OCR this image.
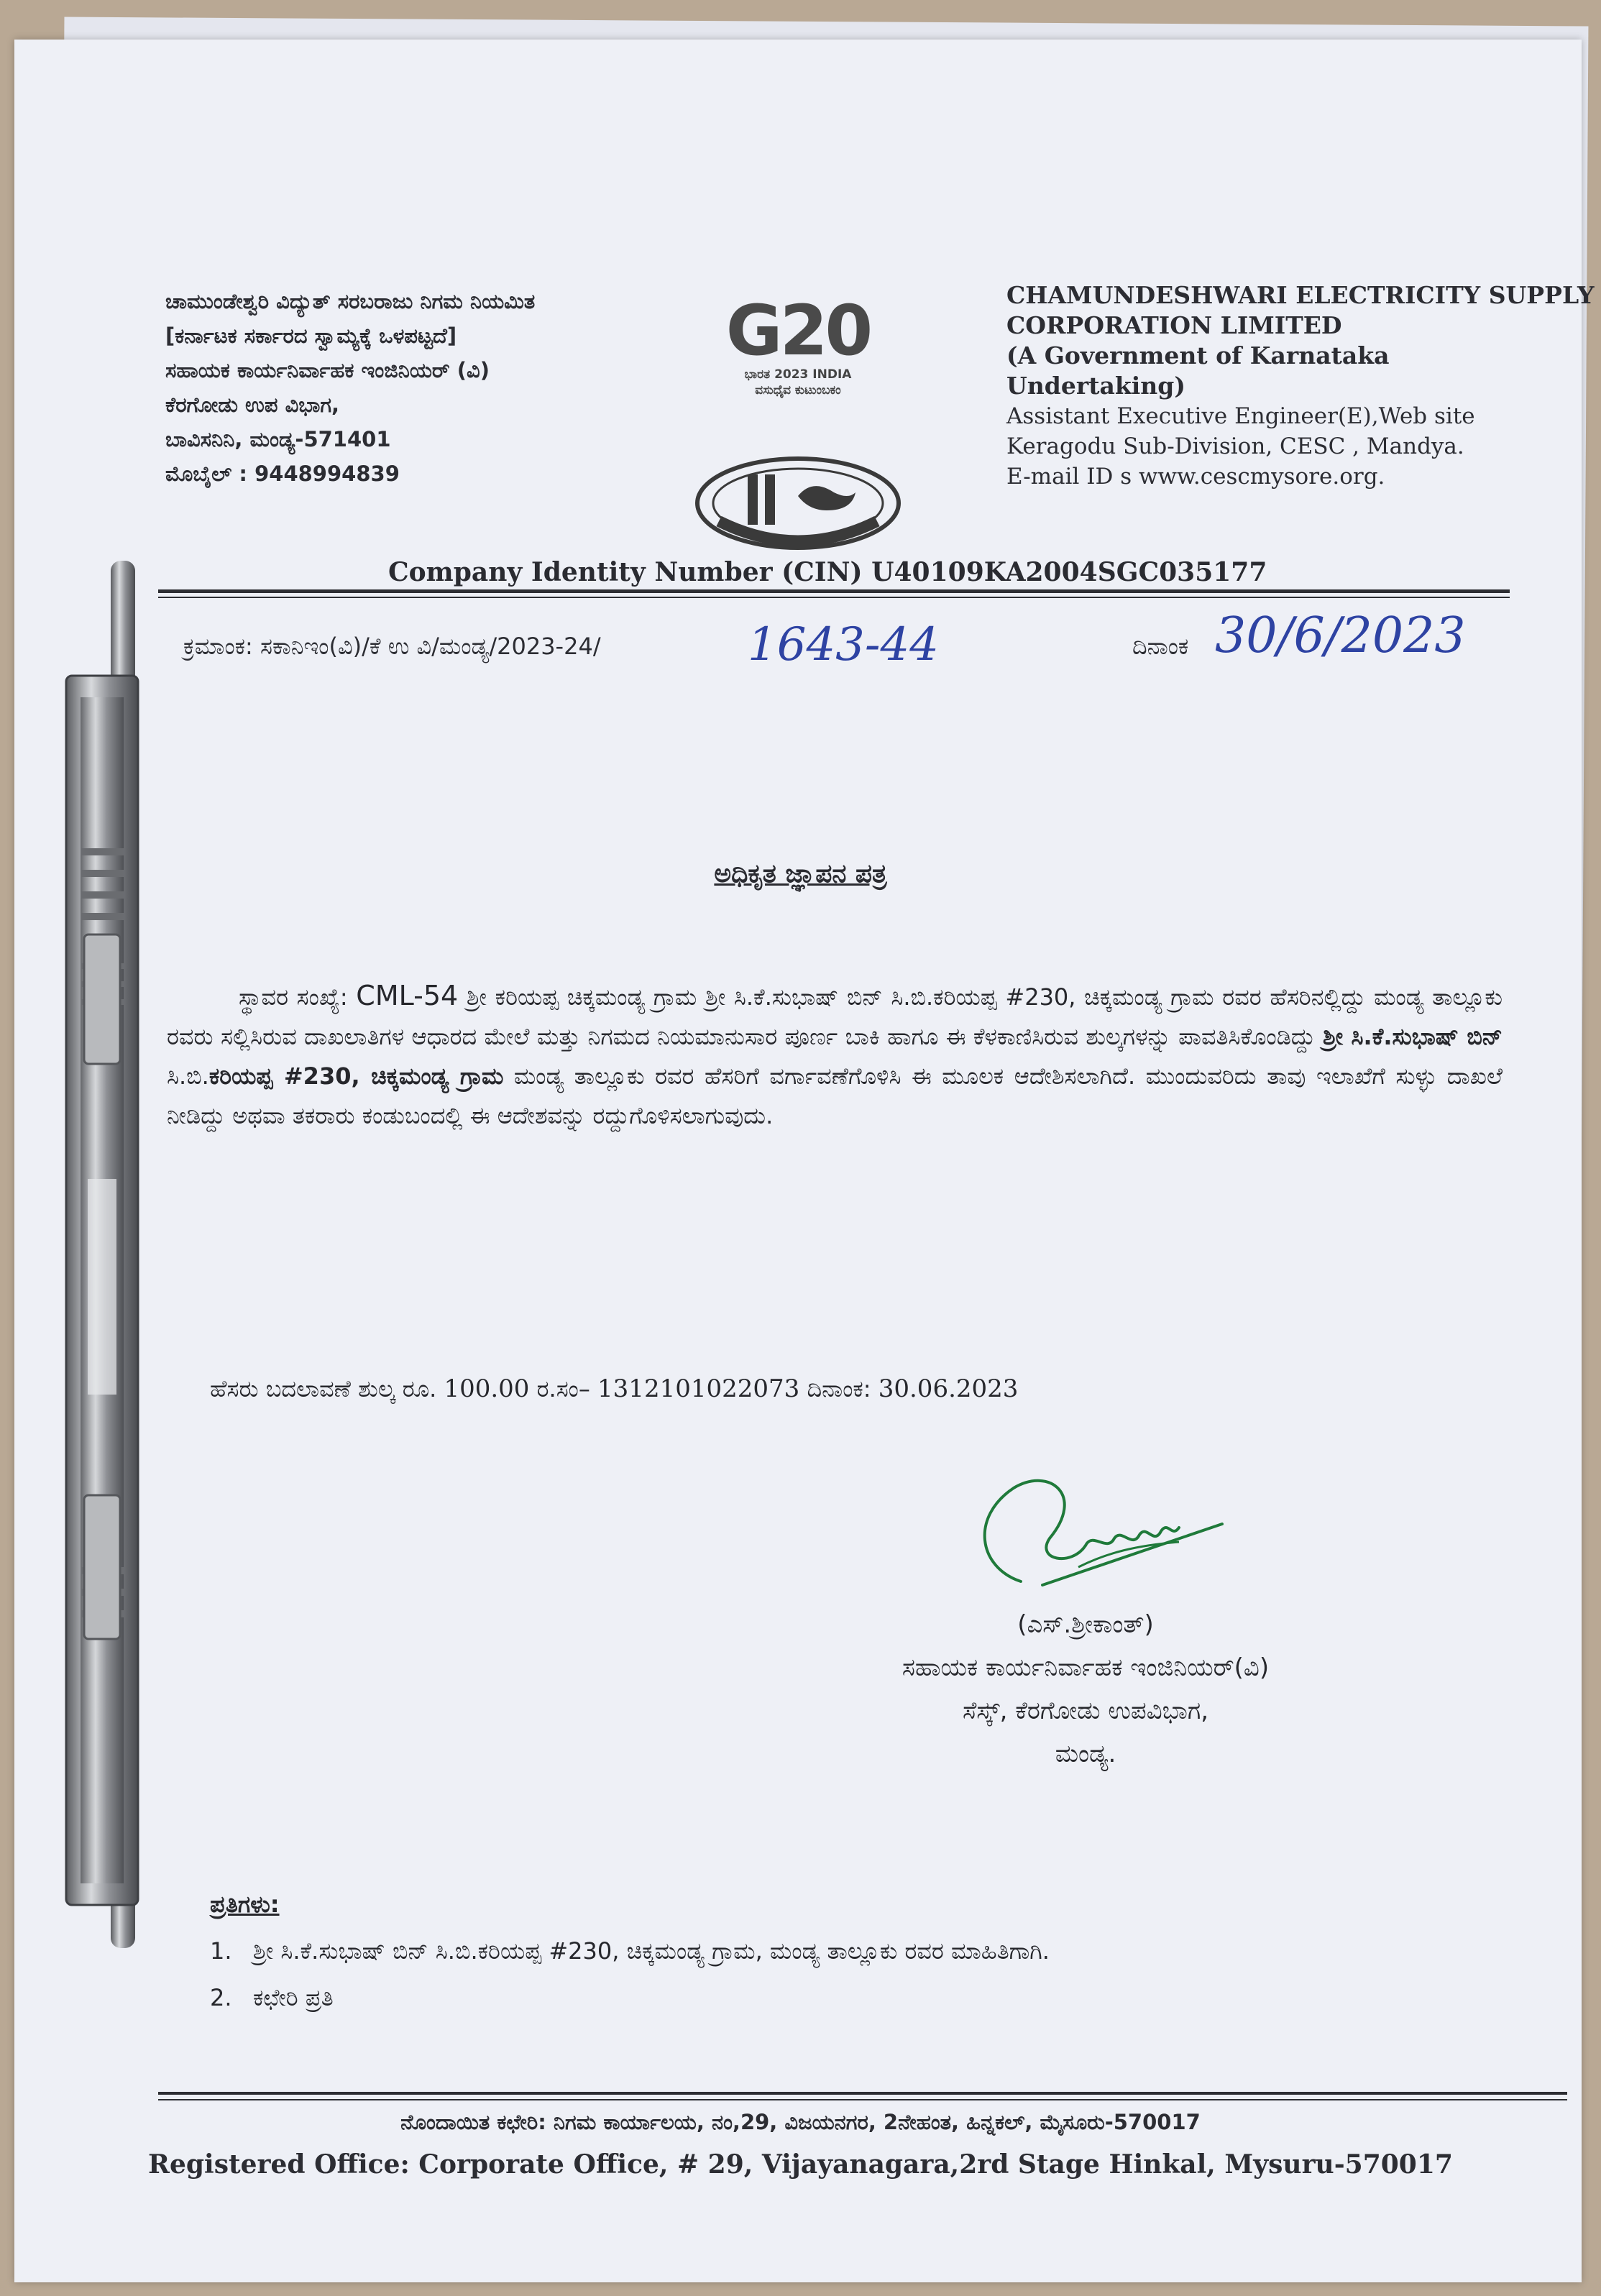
ಚಾಮುಂಡೇಶ್ವರಿ ವಿದ್ಯುತ್ ಸರಬರಾಜು ನಿಗಮ ನಿಯಮಿತ
[ಕರ್ನಾಟಕ ಸರ್ಕಾರದ ಸ್ವಾಮ್ಯಕ್ಕೆ ಒಳಪಟ್ಟದೆ]
ಸಹಾಯಕ ಕಾರ್ಯನಿರ್ವಾಹಕ ಇಂಜಿನಿಯರ್ (ವಿ)
ಕೆರಗೋಡು ಉಪ ವಿಭಾಗ,
ಬಾವಿಸನಿನಿ, ಮಂಡ್ಯ-571401
ಮೊಬೈಲ್ : 9448994839
G20
ಭಾರತ 2023 INDIA
ವಸುಧೈವ ಕುಟುಂಬಕಂ
CHAMUNDESHWARI ELECTRICITY SUPPLY
CORPORATION LIMITED
(A Government of Karnataka
Undertaking)
Assistant Executive Engineer(E),Web site
Keragodu Sub-Division, CESC , Mandya.
E-mail ID s www.cescmysore.org.
Company Identity Number (CIN) U40109KA2004SGC035177
ಕ್ರಮಾಂಕ: ಸಕಾನಿಇಂ(ವಿ)/ಕೆ ಉ ವಿ/ಮಂಡ್ಯ/2023-24/	1643-44	ದಿನಾಂಕ 30/6/2023
ಅಧಿಕೃತ ಜ್ಞಾಪನ ಪತ್ರ
ಸ್ಥಾವರ ಸಂಖ್ಯೆ: CML-54 ಶ್ರೀ ಕರಿಯಪ್ಪ ಚಿಕ್ಕಮಂಡ್ಯ ಗ್ರಾಮ ಶ್ರೀ ಸಿ.ಕೆ.ಸುಭಾಷ್ ಬಿನ್ ಸಿ.ಬಿ.ಕರಿಯಪ್ಪ #230, ಚಿಕ್ಕಮಂಡ್ಯ ಗ್ರಾಮ ರವರ ಹೆಸರಿನಲ್ಲಿದ್ದು ಮಂಡ್ಯ ತಾಲ್ಲೂಕು ರವರು ಸಲ್ಲಿಸಿರುವ ದಾಖಲಾತಿಗಳ ಆಧಾರದ ಮೇಲೆ ಮತ್ತು ನಿಗಮದ ನಿಯಮಾನುಸಾರ ಪೂರ್ಣ ಬಾಕಿ ಹಾಗೂ ಈ ಕೆಳಕಾಣಿಸಿರುವ ಶುಲ್ಕಗಳನ್ನು ಪಾವತಿಸಿಕೊಂಡಿದ್ದು ಶ್ರೀ ಸಿ.ಕೆ.ಸುಭಾಷ್ ಬಿನ್ ಸಿ.ಬಿ.ಕರಿಯಪ್ಪ #230, ಚಿಕ್ಕಮಂಡ್ಯ ಗ್ರಾಮ ಮಂಡ್ಯ ತಾಲ್ಲೂಕು ರವರ ಹೆಸರಿಗೆ ವರ್ಗಾವಣೆಗೊಳಿಸಿ ಈ ಮೂಲಕ ಆದೇಶಿಸಲಾಗಿದೆ. ಮುಂದುವರಿದು ತಾವು ಇಲಾಖೆಗೆ ಸುಳ್ಳು ದಾಖಲೆ ನೀಡಿದ್ದು ಅಥವಾ ತಕರಾರು ಕಂಡುಬಂದಲ್ಲಿ ಈ ಆದೇಶವನ್ನು ರದ್ದುಗೊಳಿಸಲಾಗುವುದು.
ಹೆಸರು ಬದಲಾವಣೆ ಶುಲ್ಕ ರೂ. 100.00 ರ.ಸಂ– 1312101022073 ದಿನಾಂಕ: 30.06.2023
(ಎಸ್.ಶ್ರೀಕಾಂತ್)
ಸಹಾಯಕ ಕಾರ್ಯನಿರ್ವಾಹಕ ಇಂಜಿನಿಯರ್(ವಿ)
ಸೆಸ್ಕ್, ಕೆರಗೋಡು ಉಪವಿಭಾಗ,
ಮಂಡ್ಯ.
ಪ್ರತಿಗಳು:
1. ಶ್ರೀ ಸಿ.ಕೆ.ಸುಭಾಷ್ ಬಿನ್ ಸಿ.ಬಿ.ಕರಿಯಪ್ಪ #230, ಚಿಕ್ಕಮಂಡ್ಯ ಗ್ರಾಮ, ಮಂಡ್ಯ ತಾಲ್ಲೂಕು ರವರ ಮಾಹಿತಿಗಾಗಿ.
2. ಕಛೇರಿ ಪ್ರತಿ
ನೊಂದಾಯಿತ ಕಛೇರಿ: ನಿಗಮ ಕಾರ್ಯಾಲಯ, ನಂ,29, ವಿಜಯನಗರ, 2ನೇಹಂತ, ಹಿನ್ನಕಲ್, ಮೈಸೂರು-570017
Registered Office: Corporate Office, # 29, Vijayanagara,2rd Stage Hinkal, Mysuru-570017
